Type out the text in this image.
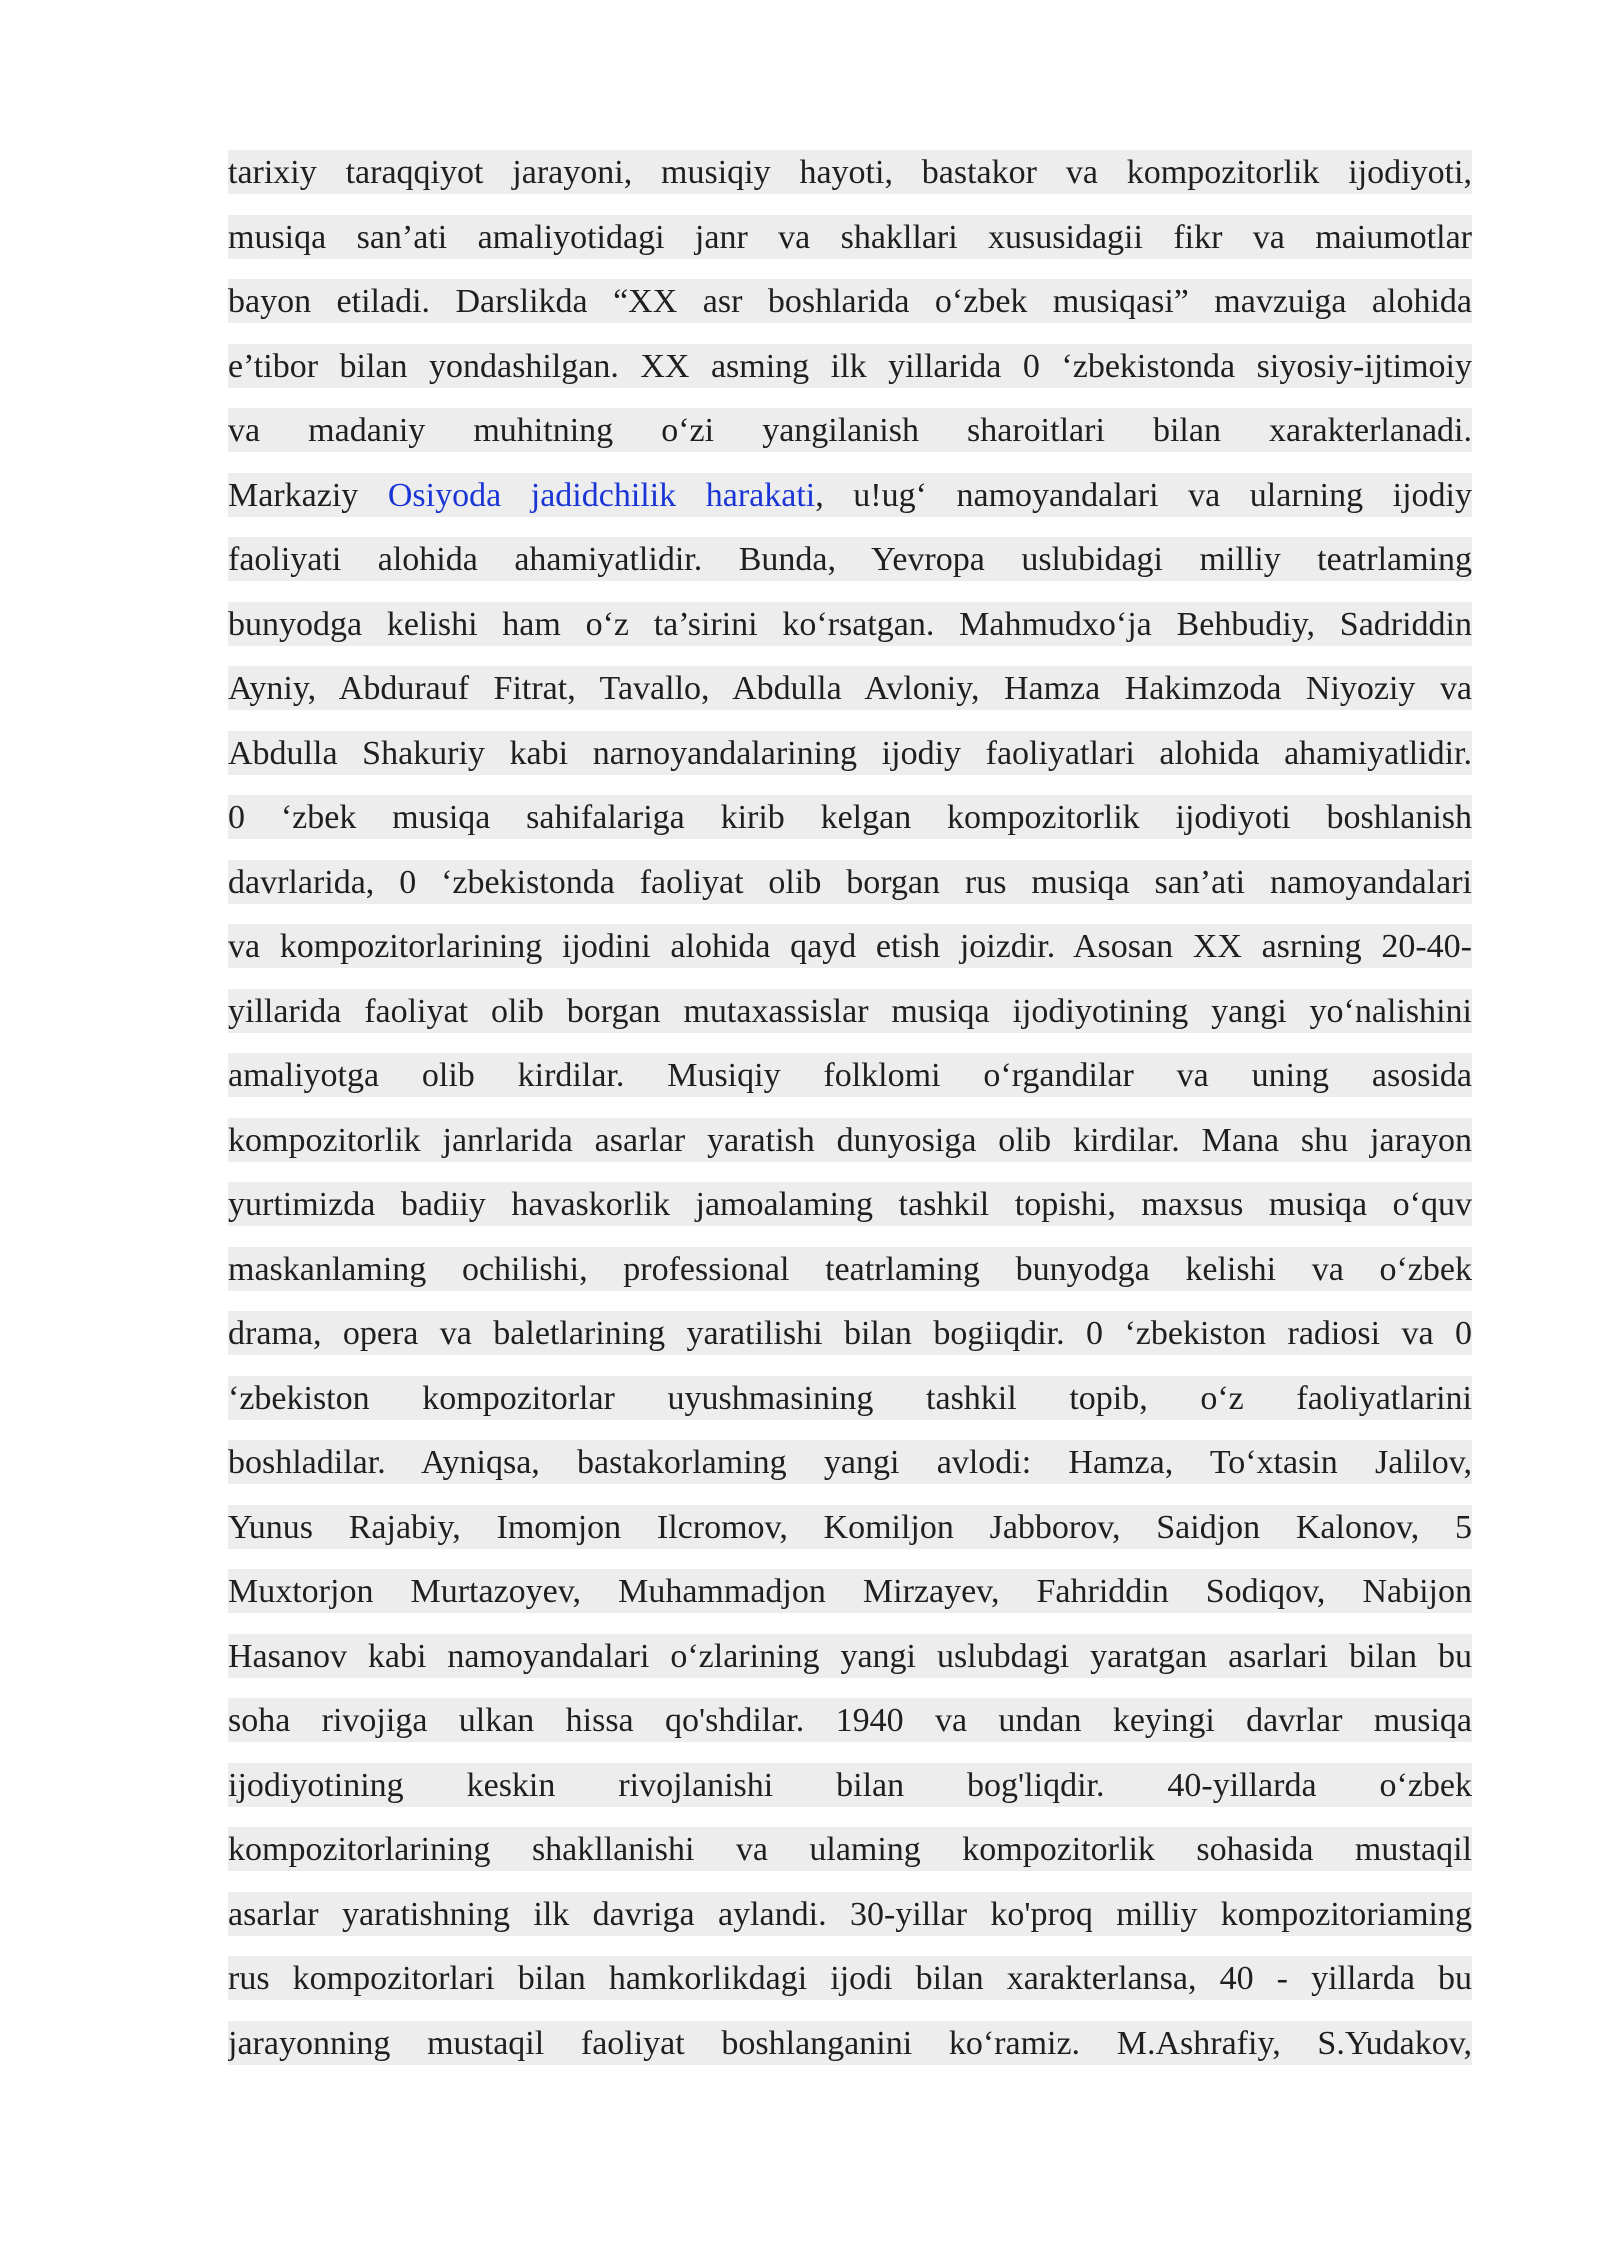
tarixiy taraqqiyot jarayoni, musiqiy hayoti, bastakor va kompozitorlik ijodiyoti,
musiqa san’ati amaliyotidagi janr va shakllari xususidagii fikr va maiumotlar
bayon etiladi. Darslikda “XX asr boshlarida o‘zbek musiqasi” mavzuiga alohida
e’tibor bilan yondashilgan. XX asming ilk yillarida 0 ‘zbekistonda siyosiy-ijtimoiy
va madaniy muhitning o‘zi yangilanish sharoitlari bilan xarakterlanadi.
Markaziy Osiyoda jadidchilik harakati, u!ug‘ namoyandalari va ularning ijodiy
faoliyati alohida ahamiyatlidir. Bunda, Yevropa uslubidagi milliy teatrlaming
bunyodga kelishi ham o‘z ta’sirini ko‘rsatgan. Mahmudxo‘ja Behbudiy, Sadriddin
Ayniy, Abdurauf Fitrat, Tavallo, Abdulla Avloniy, Hamza Hakimzoda Niyoziy va
Abdulla Shakuriy kabi narnoyandalarining ijodiy faoliyatlari alohida ahamiyatlidir.
0 ‘zbek musiqa sahifalariga kirib kelgan kompozitorlik ijodiyoti boshlanish
davrlarida, 0 ‘zbekistonda faoliyat olib borgan rus musiqa san’ati namoyandalari
va kompozitorlarining ijodini alohida qayd etish joizdir. Asosan XX asrning 20-40-
yillarida faoliyat olib borgan mutaxassislar musiqa ijodiyotining yangi yo‘nalishini
amaliyotga olib kirdilar. Musiqiy folklomi o‘rgandilar va uning asosida
kompozitorlik janrlarida asarlar yaratish dunyosiga olib kirdilar. Mana shu jarayon
yurtimizda badiiy havaskorlik jamoalaming tashkil topishi, maxsus musiqa o‘quv
maskanlaming ochilishi, professional teatrlaming bunyodga kelishi va o‘zbek
drama, opera va baletlarining yaratilishi bilan bogiiqdir. 0 ‘zbekiston radiosi va 0
‘zbekiston kompozitorlar uyushmasining tashkil topib, o‘z faoliyatlarini
boshladilar. Ayniqsa, bastakorlaming yangi avlodi: Hamza, To‘xtasin Jalilov,
Yunus Rajabiy, Imomjon Ilcromov, Komiljon Jabborov, Saidjon Kalonov, 5
Muxtorjon Murtazoyev, Muhammadjon Mirzayev, Fahriddin Sodiqov, Nabijon
Hasanov kabi namoyandalari o‘zlarining yangi uslubdagi yaratgan asarlari bilan bu
soha rivojiga ulkan hissa qo'shdilar. 1940 va undan keyingi davrlar musiqa
ijodiyotining keskin rivojlanishi bilan bog'liqdir. 40-yillarda o‘zbek
kompozitorlarining shakllanishi va ulaming kompozitorlik sohasida mustaqil
asarlar yaratishning ilk davriga aylandi. 30-yillar ko'proq milliy kompozitoriaming
rus kompozitorlari bilan hamkorlikdagi ijodi bilan xarakterlansa, 40 - yillarda bu
jarayonning mustaqil faoliyat boshlanganini ko‘ramiz. M.Ashrafiy, S.Yudakov,
